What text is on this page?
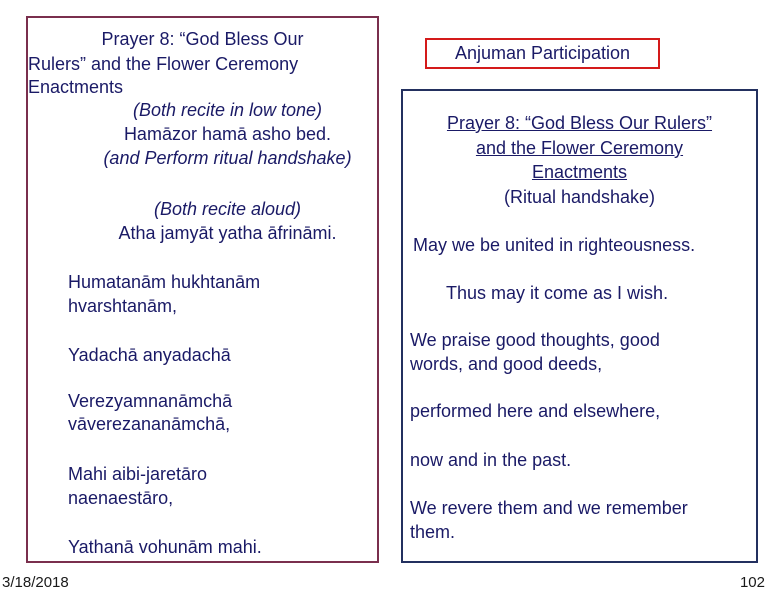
Prayer 8: “God Bless Our
Rulers” and the Flower Ceremony
Enactments
(Both recite in low tone)
Hamāzor hamā asho bed.
(and Perform ritual handshake)
(Both recite aloud)
Atha jamyāt yatha āfrināmi.
Humatanām hukhtanām
hvarshtanām,
Yadachā anyadachā
Verezyamnanāmchā
vāverezananāmchā,
Mahi aibi-jaretāro
naenaestāro,
Yathanā vohunām mahi.
Anjuman Participation
Prayer 8: “God Bless Our Rulers”
and the Flower Ceremony
Enactments
(Ritual handshake)
May we be united in righteousness.
Thus may it come as I wish.
We praise good thoughts, good
words, and good deeds,
performed here and elsewhere,
now and in the past.
We revere them and we remember
them.
3/18/2018	102
